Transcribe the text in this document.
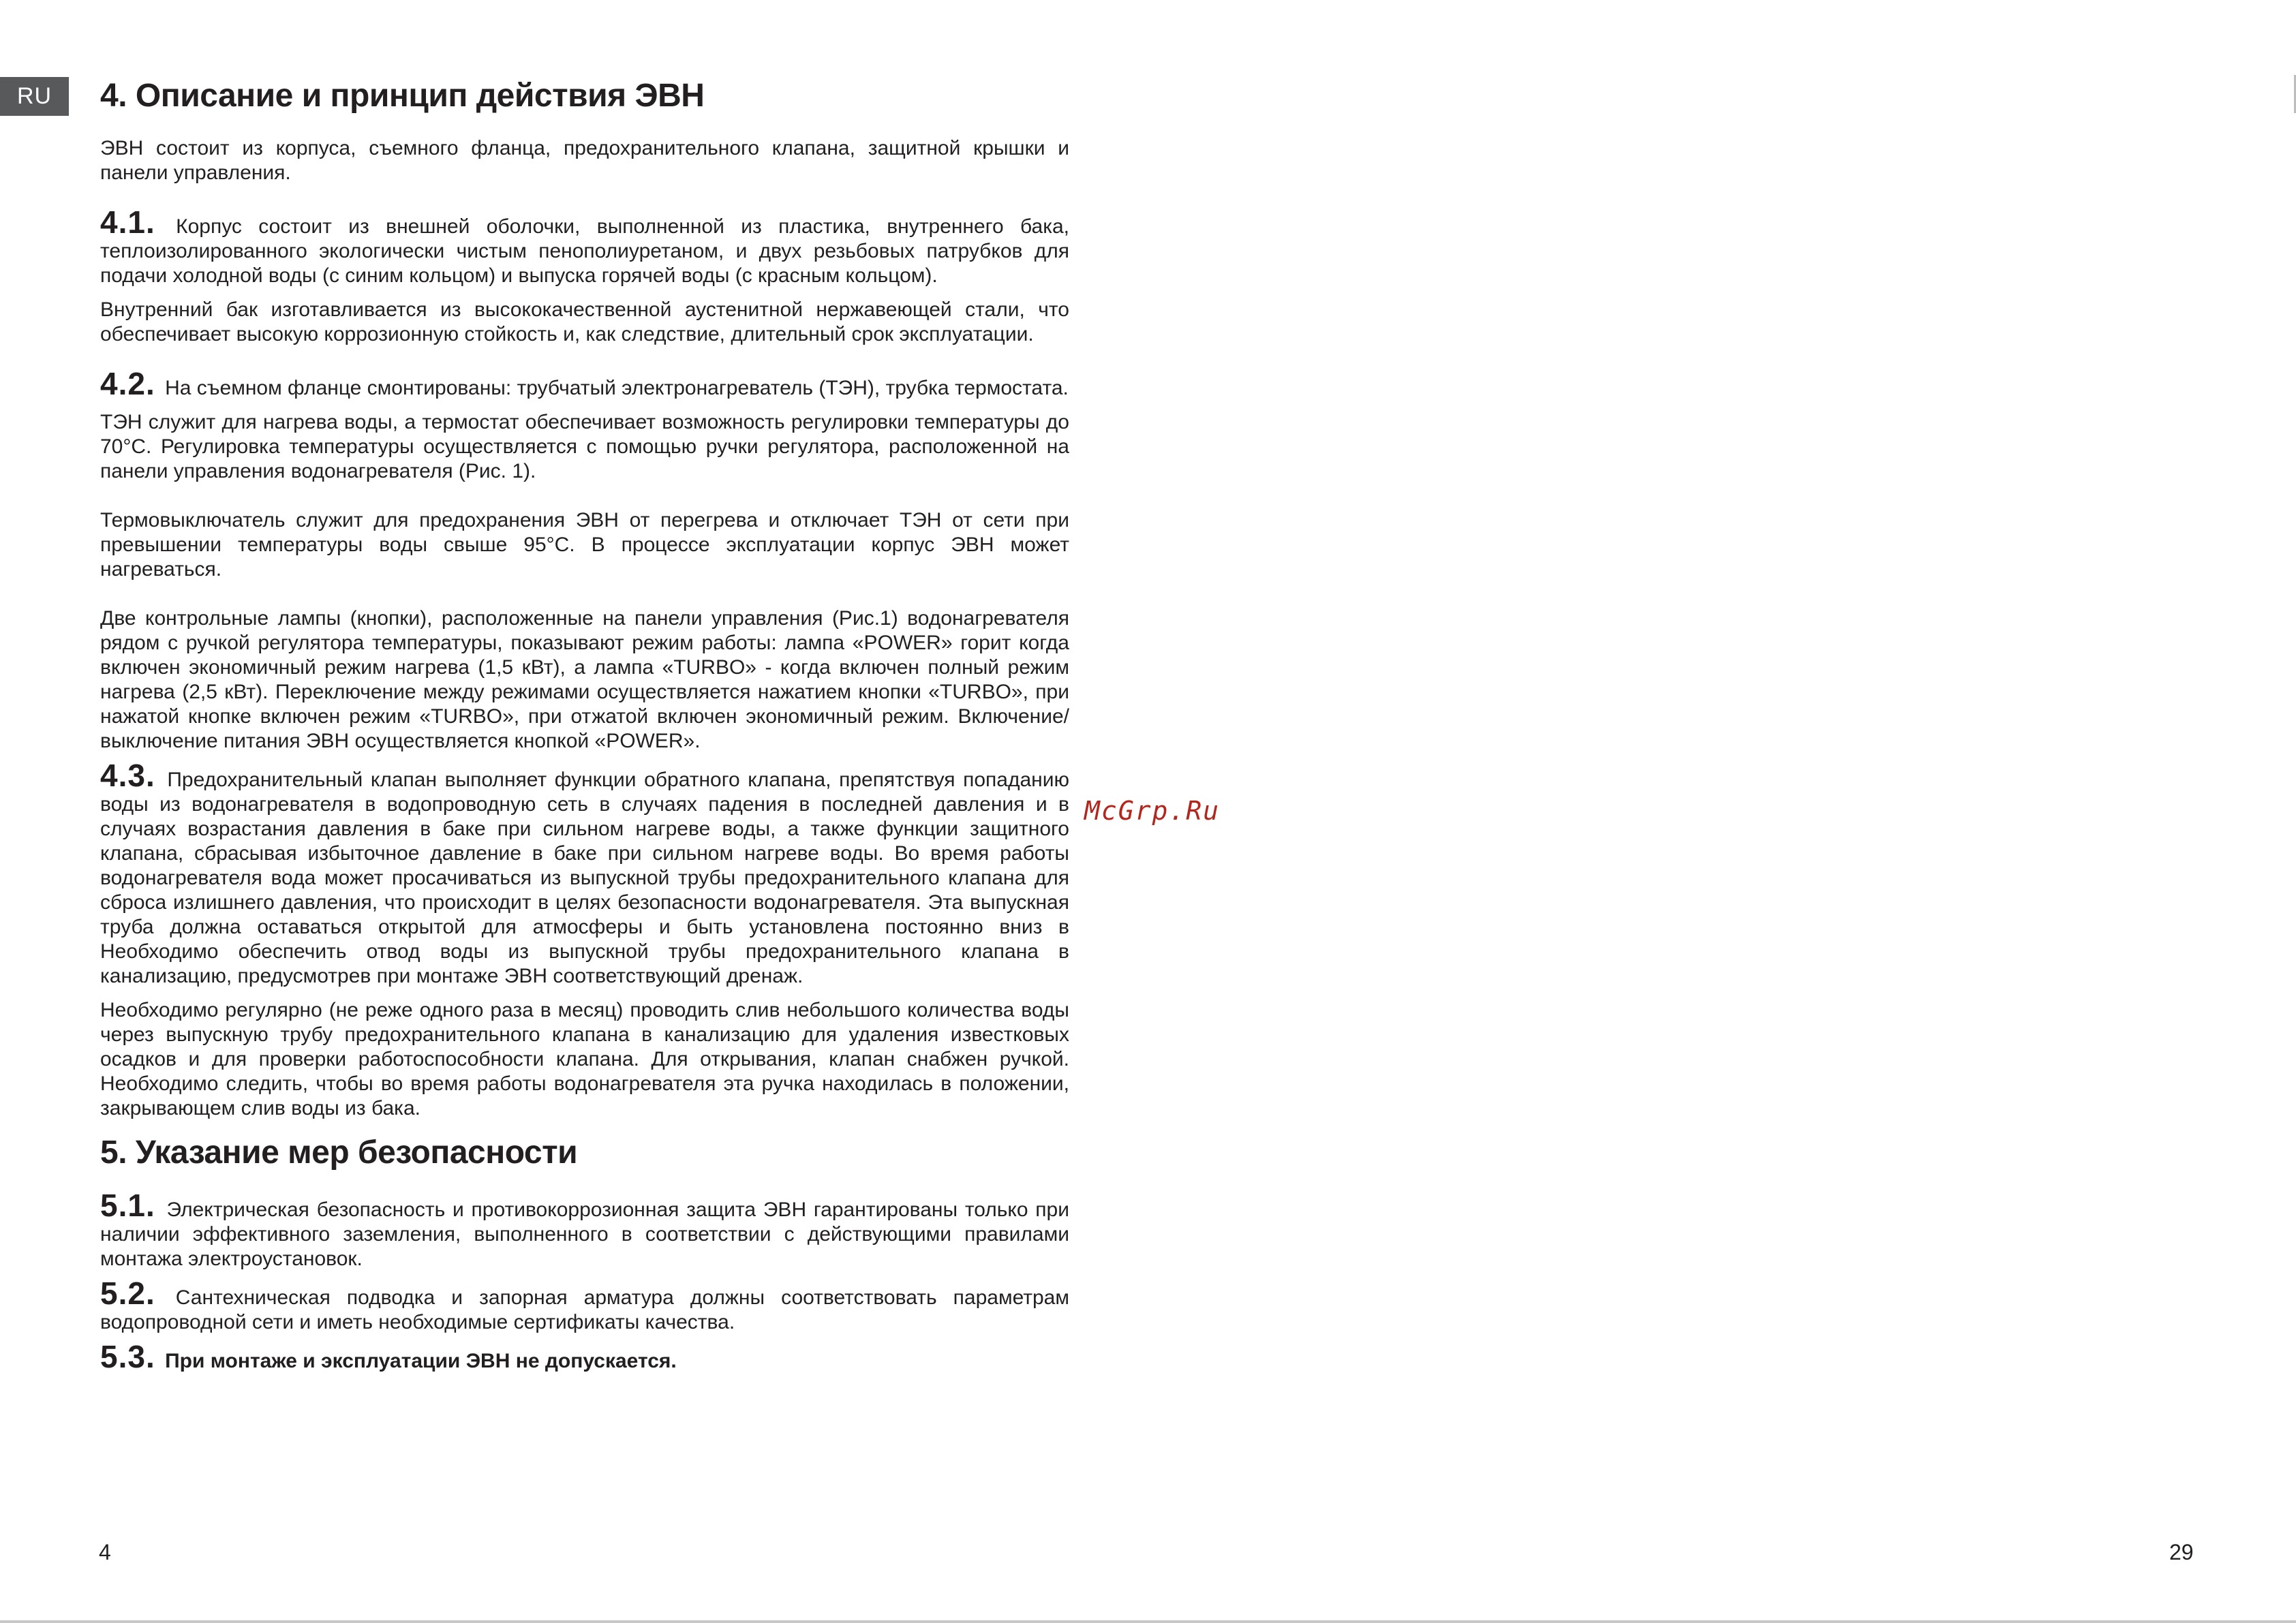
RU	4. Описание и принцип действия ЭВН

ЭВН состоит из корпуса, съемного фланца, предохранительного клапана, защитной крышки и панели управления.

4.1. Корпус состоит из внешней оболочки, выполненной из пластика, внутреннего бака, теплоизолированного экологически чистым пенополиуретаном, и двух резьбовых патрубков для подачи холодной воды (с синим кольцом) и выпуска горячей воды (с красным кольцом).

Внутренний бак изготавливается из высококачественной аустенитной нержавеющей стали, что обеспечивает высокую коррозионную стойкость и, как следствие, длительный срок эксплуатации.

4.2. На съемном фланце смонтированы: трубчатый электронагреватель (ТЭН), трубка термостата.

ТЭН служит для нагрева воды, а термостат обеспечивает возможность регулировки температуры до 70°С. Регулировка температуры осуществляется с помощью ручки регулятора, расположенной на панели управления водонагревателя (Рис. 1).

Термовыключатель служит для предохранения ЭВН от перегрева и отключает ТЭН от сети при превышении температуры воды свыше 95°С. В процессе эксплуатации корпус ЭВН может нагреваться.

Две контрольные лампы (кнопки), расположенные на панели управления (Рис.1) водонагревателя рядом с ручкой регулятора температуры, показывают режим работы: лампа «POWER» горит когда включен экономичный режим нагрева (1,5 кВт), а лампа «TURBO» - когда включен полный режим нагрева (2,5 кВт). Переключение между режимами осуществляется нажатием кнопки «TURBO», при нажатой кнопке включен режим «TURBO», при отжатой включен экономичный режим. Включение/выключение питания ЭВН осуществляется кнопкой «POWER».

4.3. Предохранительный клапан выполняет функции обратного клапана, препятствуя попаданию воды из водонагревателя в водопроводную сеть в случаях падения в последней давления и в случаях возрастания давления в баке при сильном нагреве воды, а также функции защитного клапана, сбрасывая избыточное давление в баке при сильном нагреве воды. Во время работы водонагревателя вода может просачиваться из выпускной трубы предохранительного клапана для сброса излишнего давления, что происходит в целях безопасности водонагревателя. Эта выпускная труба должна оставаться открытой для атмосферы и быть установлена постоянно вниз в Необходимо обеспечить отвод воды из выпускной трубы предохранительного клапана в канализацию, предусмотрев при монтаже ЭВН соответствующий дренаж.

Необходимо регулярно (не реже одного раза в месяц) проводить слив небольшого количества воды через выпускную трубу предохранительного клапана в канализацию для удаления известковых осадков и для проверки работоспособности клапана. Для открывания, клапан снабжен ручкой. Необходимо следить, чтобы во время работы водонагревателя эта ручка находилась в положении, закрывающем слив воды из бака.

5. Указание мер безопасности

5.1. Электрическая безопасность и противокоррозионная защита ЭВН гарантированы только при наличии эффективного заземления, выполненного в соответствии с действующими правилами монтажа электроустановок.

5.2. Сантехническая подводка и запорная арматура должны соответствовать параметрам водопроводной сети и иметь необходимые сертификаты качества.

5.3. При монтаже и эксплуатации ЭВН не допускается.

McGrp.Ru
4	29
